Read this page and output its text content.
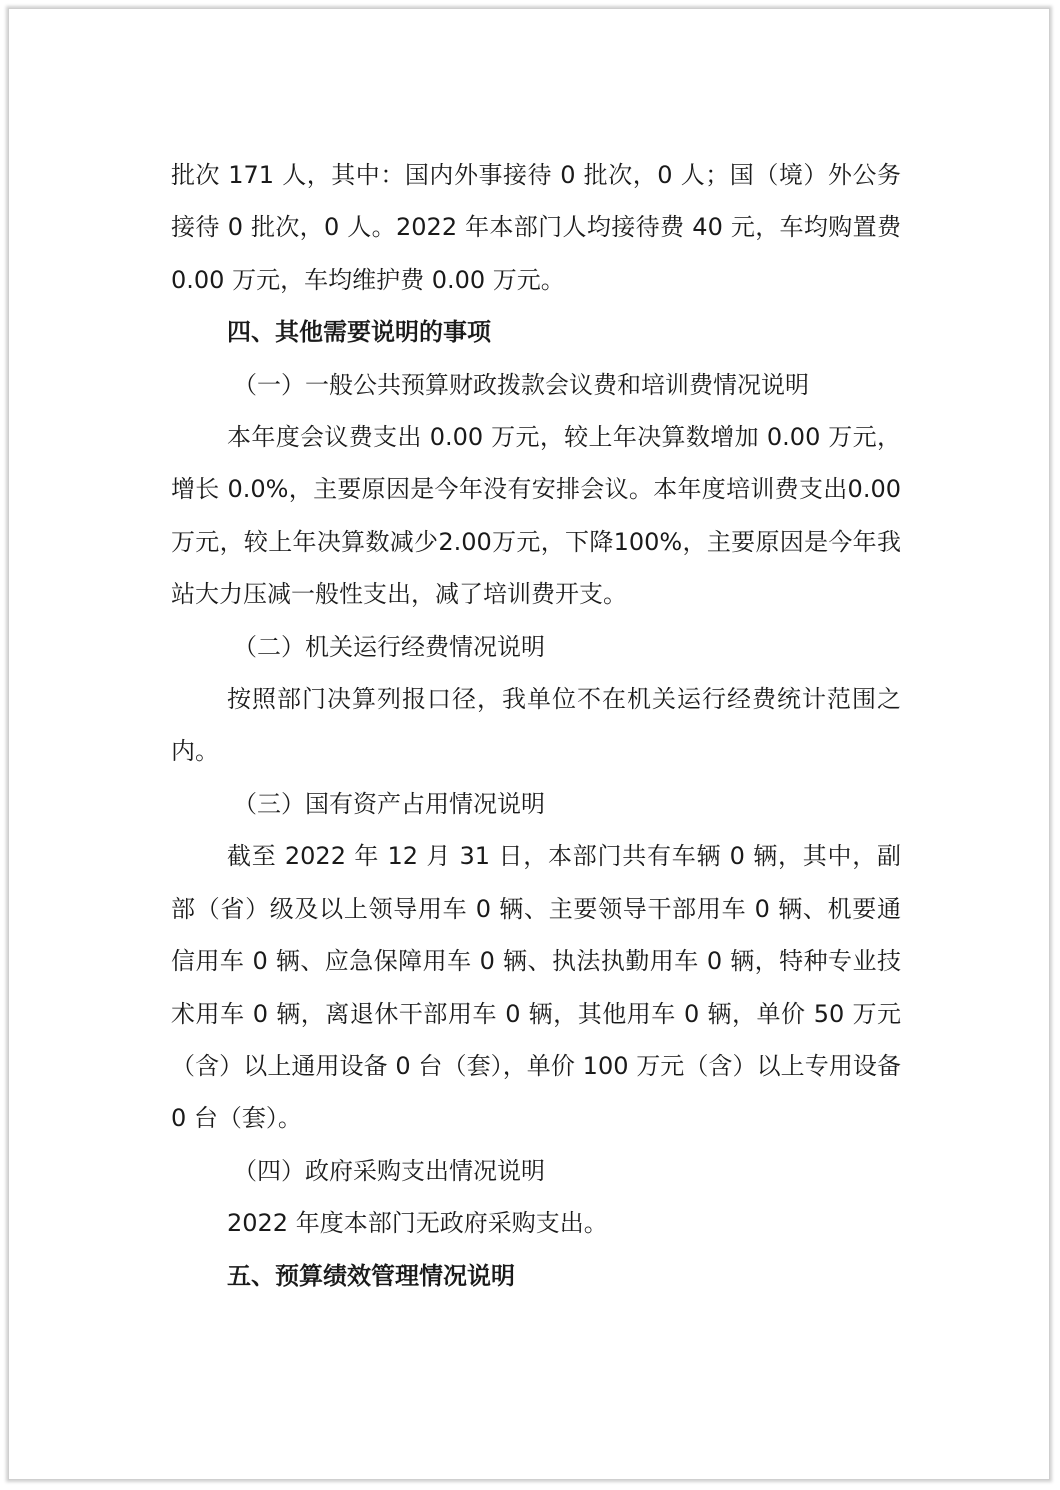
批次 171 人，其中：国内外事接待 0 批次，0 人；国（境）外公务接待 0 批次，0 人。2022 年本部门人均接待费 40 元，车均购置费 0.00 万元，车均维护费 0.00 万元。

四、其他需要说明的事项

（一）一般公共预算财政拨款会议费和培训费情况说明

本年度会议费支出 0.00 万元，较上年决算数增加 0.00 万元，增长 0.0%，主要原因是今年没有安排会议。本年度培训费支出0.00万元，较上年决算数减少2.00万元，下降100%，主要原因是今年我站大力压减一般性支出，减了培训费开支。

（二）机关运行经费情况说明

按照部门决算列报口径，我单位不在机关运行经费统计范围之内。

（三）国有资产占用情况说明

截至 2022 年 12 月 31 日，本部门共有车辆 0 辆，其中，副部（省）级及以上领导用车 0 辆、主要领导干部用车 0 辆、机要通信用车 0 辆、应急保障用车 0 辆、执法执勤用车 0 辆，特种专业技术用车 0 辆，离退休干部用车 0 辆，其他用车 0 辆，单价 50 万元（含）以上通用设备 0 台（套），单价 100 万元（含）以上专用设备 0 台（套）。

（四）政府采购支出情况说明

2022 年度本部门无政府采购支出。

五、预算绩效管理情况说明
